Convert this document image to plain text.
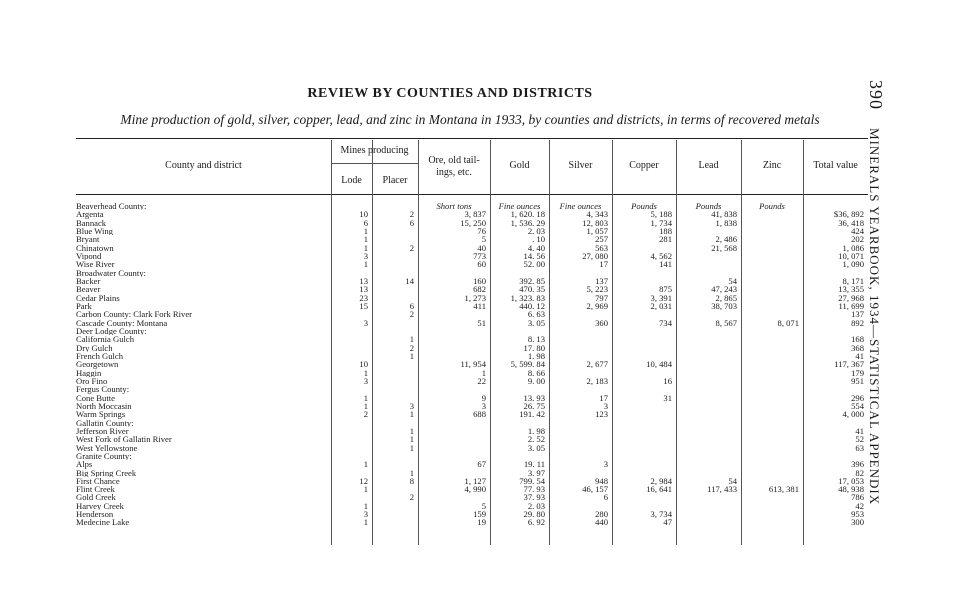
REVIEW BY COUNTIES AND DISTRICTS
Mine production of gold, silver, copper, lead, and zinc in Montana in 1933, by counties and districts, in terms of recovered metals
390MINERALS YEARBOOK, 1934—STATISTICAL APPENDIX
County and district
Mines producing
Lode	Placer
Ore, old tail-ings, etc.
Gold	Silver	Copper	Lead	Zinc	Total value
Beaverhead County:			Short tons	Fine ounces	Fine ounces	Pounds	Pounds	Pounds	
Argenta	10	2	3, 837	1, 620. 18	4, 343	5, 188	41, 838		$36, 892
Bannack	6	6	15, 250	1, 536. 29	12, 803	1, 734	1, 838		36, 418
Blue Wing	1		76	2. 03	1, 057	188			424
Bryant	1		5	. 10	257	281	2, 486		202
Chinatown	1	2	40	4. 40	563		21, 568		1, 086
Vipond	3		773	14. 56	27, 080	4, 562			10, 071
Wise River	1		60	52. 00	17	141			1, 090
Broadwater County:									
Backer	13	14	160	392. 85	137		54		8, 171
Beaver	13		682	470. 35	5, 223	875	47, 243		13, 355
Cedar Plains	23		1, 273	1, 323. 83	797	3, 391	2, 865		27, 968
Park	15	6	411	440. 12	2, 969	2, 031	38, 703		11, 699
Carbon County: Clark Fork River		2		6. 63					137
Cascade County: Montana	3		51	3. 05	360	734	8, 567	8, 071	892
Deer Lodge County:									
California Gulch		1		8. 13					168
Dry Gulch		2		17. 80					368
French Gulch		1		1. 98					41
Georgetown	10		11, 954	5, 599. 84	2, 677	10, 484			117, 367
Haggin	1		1	8. 66					179
Oro Fino	3		22	9. 00	2, 183	16			951
Fergus County:									
Cone Butte	1		9	13. 93	17	31			296
North Moccasin	1	3	3	26. 75	3				554
Warm Springs	2	1	688	191. 42	123				4, 000
Gallatin County:									
Jefferson River		1		1. 98					41
West Fork of Gallatin River		1		2. 52					52
West Yellowstone		1		3. 05					63
Granite County:									
Alps	1		67	19. 11	3				396
Big Spring Creek		1		3. 97					82
First Chance	12	8	1, 127	799. 54	948	2, 984	54		17, 053
Flint Creek	1		4, 990	77. 93	46, 157	16, 641	117, 433	613, 381	48, 938
Gold Creek		2		37. 93	6				786
Harvey Creek	1		5	2. 03					42
Henderson	3		159	29. 80	280	3, 734			953
Medecine Lake	1		19	6. 92	440	47			300
